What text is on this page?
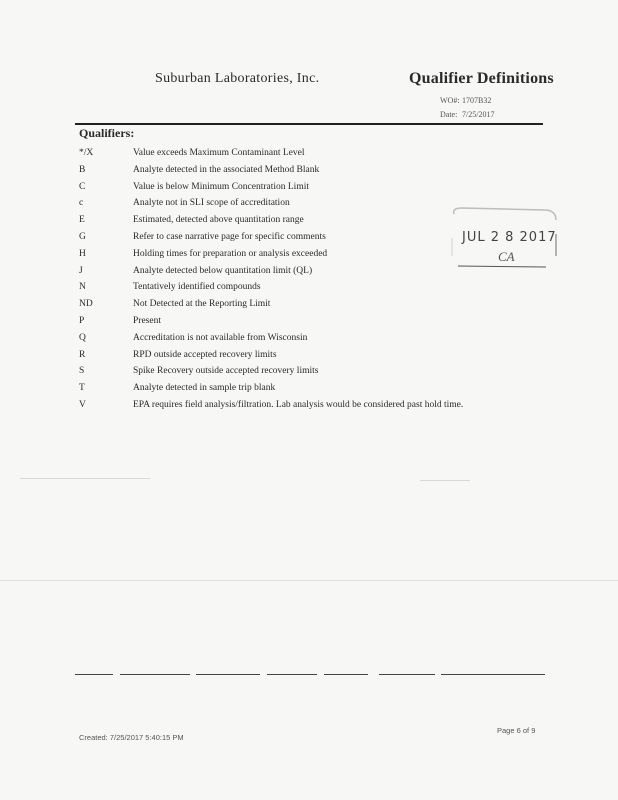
Suburban Laboratories, Inc.	Qualifier Definitions
WO#: 1707B32
Date: 7/25/2017
Qualifiers:
*/X	Value exceeds Maximum Contaminant Level
B	Analyte detected in the associated Method Blank
C	Value is below Minimum Concentration Limit
c	Analyte not in SLI scope of accreditation
E	Estimated, detected above quantitation range
G	Refer to case narrative page for specific comments
H	Holding times for preparation or analysis exceeded
J	Analyte detected below quantitation limit (QL)
N	Tentatively identified compounds
ND	Not Detected at the Reporting Limit
P	Present
Q	Accreditation is not available from Wisconsin
R	RPD outside accepted recovery limits
S	Spike Recovery outside accepted recovery limits
T	Analyte detected in sample trip blank
V	EPA requires field analysis/filtration. Lab analysis would be considered past hold time.
JUL 2 8 2017
CA
Created: 7/25/2017 5:40:15 PM
Page 6 of 9
